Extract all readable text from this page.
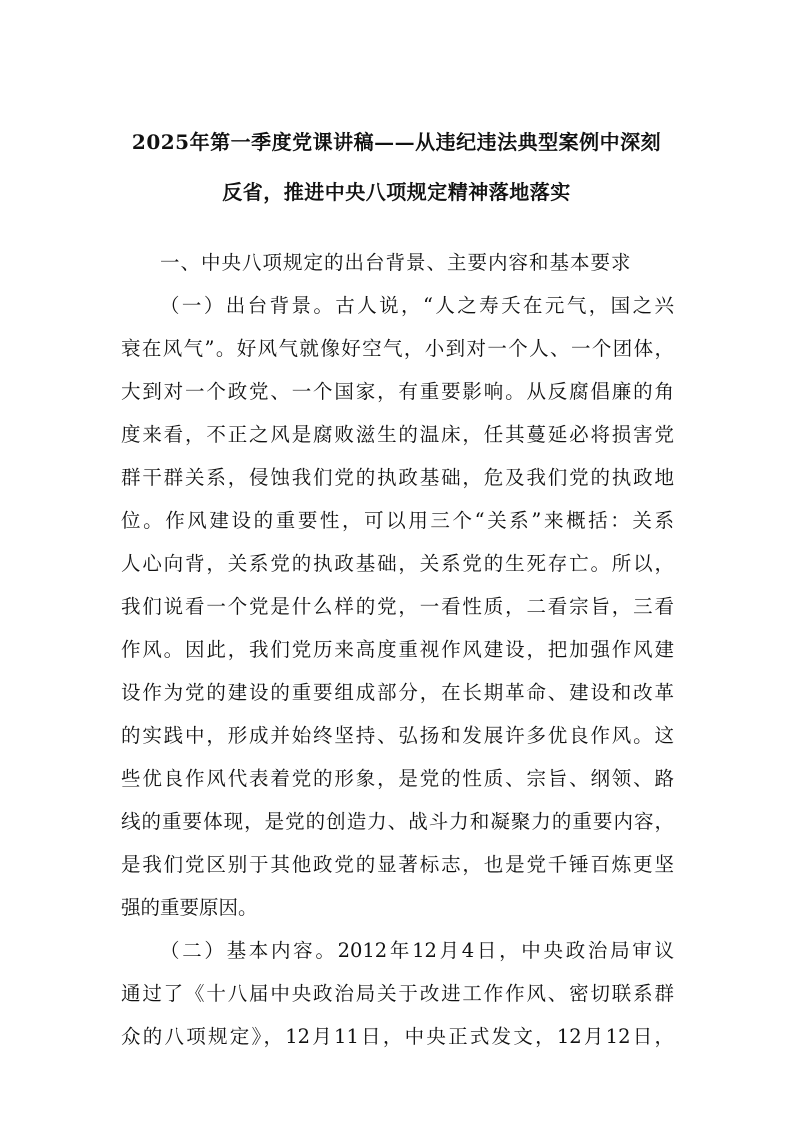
2025年第一季度党课讲稿——从违纪违法典型案例中深刻
反省，推进中央八项规定精神落地落实
一、中央八项规定的出台背景、主要内容和基本要求
（一）出台背景。古人说，“人之寿夭在元气，国之兴
衰在风气”。好风气就像好空气，小到对一个人、一个团体，
大到对一个政党、一个国家，有重要影响。从反腐倡廉的角
度来看，不正之风是腐败滋生的温床，任其蔓延必将损害党
群干群关系，侵蚀我们党的执政基础，危及我们党的执政地
位。作风建设的重要性，可以用三个“关系”来概括：关系
人心向背，关系党的执政基础，关系党的生死存亡。所以，
我们说看一个党是什么样的党，一看性质，二看宗旨，三看
作风。因此，我们党历来高度重视作风建设，把加强作风建
设作为党的建设的重要组成部分，在长期革命、建设和改革
的实践中，形成并始终坚持、弘扬和发展许多优良作风。这
些优良作风代表着党的形象，是党的性质、宗旨、纲领、路
线的重要体现，是党的创造力、战斗力和凝聚力的重要内容，
是我们党区别于其他政党的显著标志，也是党千锤百炼更坚
强的重要原因。
（二）基本内容。2012年12月4日，中央政治局审议
通过了《十八届中央政治局关于改进工作作风、密切联系群
众的八项规定》，12月11日，中央正式发文，12月12日，
